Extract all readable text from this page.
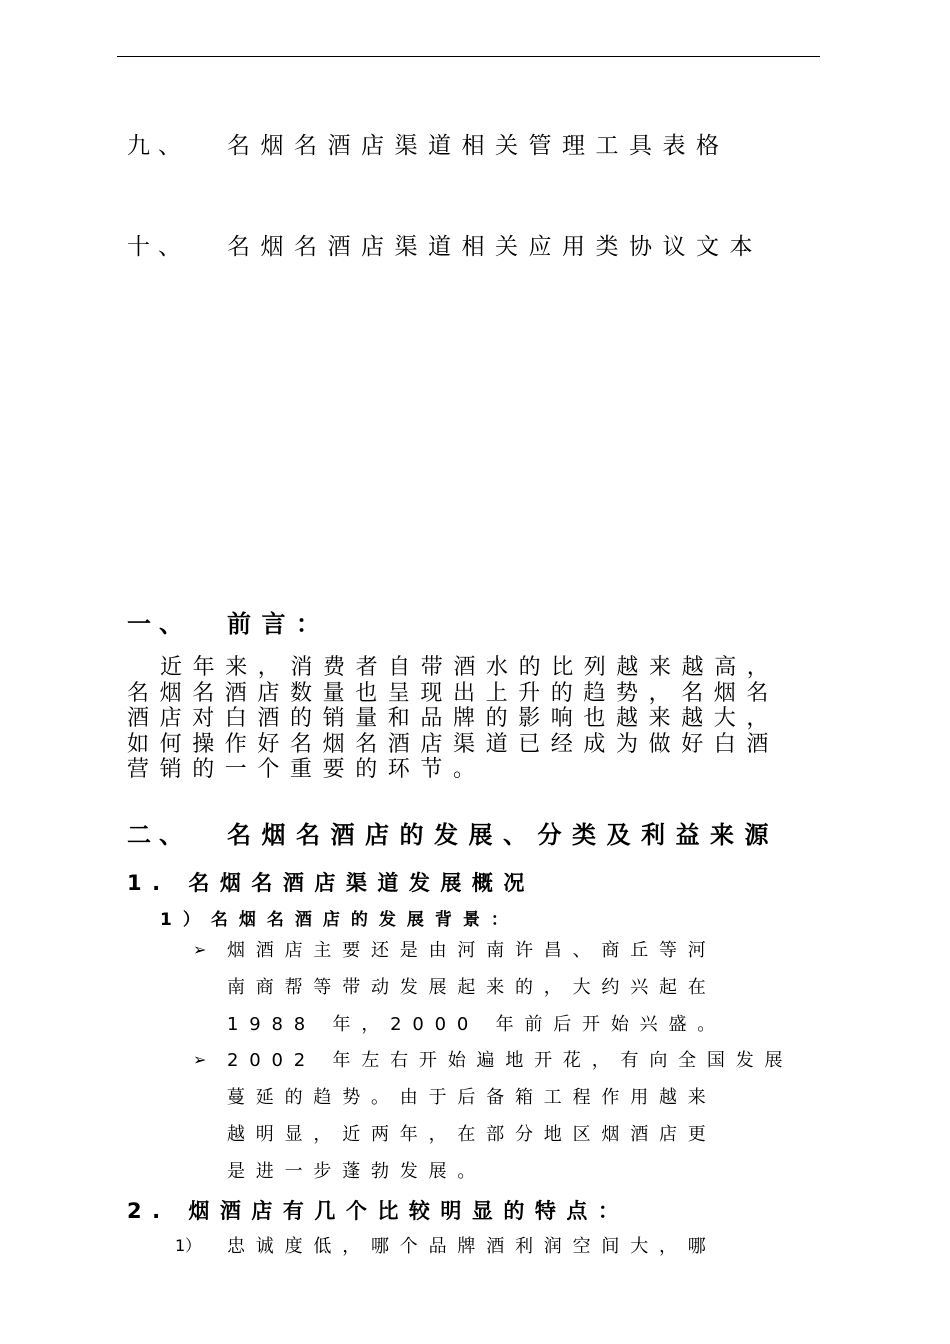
九、 名烟名酒店渠道相关管理工具表格
十、 名烟名酒店渠道相关应用类协议文本
一、 前言：
近年来，消费者自带酒水的比列越来越高，
名烟名酒店数量也呈现出上升的趋势，名烟名
酒店对白酒的销量和品牌的影响也越来越大，
如何操作好名烟名酒店渠道已经成为做好白酒
营销的一个重要的环节。
二、 名烟名酒店的发展、分类及利益来源
1. 名烟名酒店渠道发展概况
1）名烟名酒店的发展背景：
➢ 烟酒店主要还是由河南许昌、商丘等河
南商帮等带动发展起来的，大约兴起在
1988 年，2000 年前后开始兴盛。
➢ 2002 年左右开始遍地开花，有向全国发展
蔓延的趋势。由于后备箱工程作用越来
越明显，近两年，在部分地区烟酒店更
是进一步蓬勃发展。
2. 烟酒店有几个比较明显的特点：
1） 忠诚度低，哪个品牌酒利润空间大，哪
